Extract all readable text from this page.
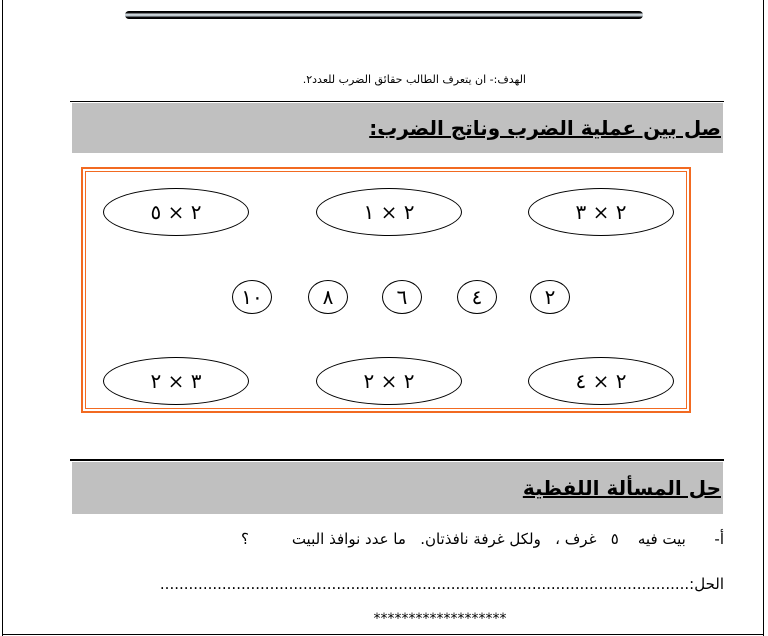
الهدف:- ان يتعرف الطالب حقائق الضرب للعدد٢.
صل بين عملية الضرب وناتج الضرب:
٢ × ٥	٢ × ١	٢ × ٣
١٠	٨	٦	٤	٢
٣ × ٢	٢ × ٢	٢ × ٤
حل المسألة اللفظية
أ-      بيت فيه    ٥   غرف ،   ولكل غرفة نافذتان.   ما عدد نوافذ البيت         ؟
الحل:...............................................................................................................
*******************
